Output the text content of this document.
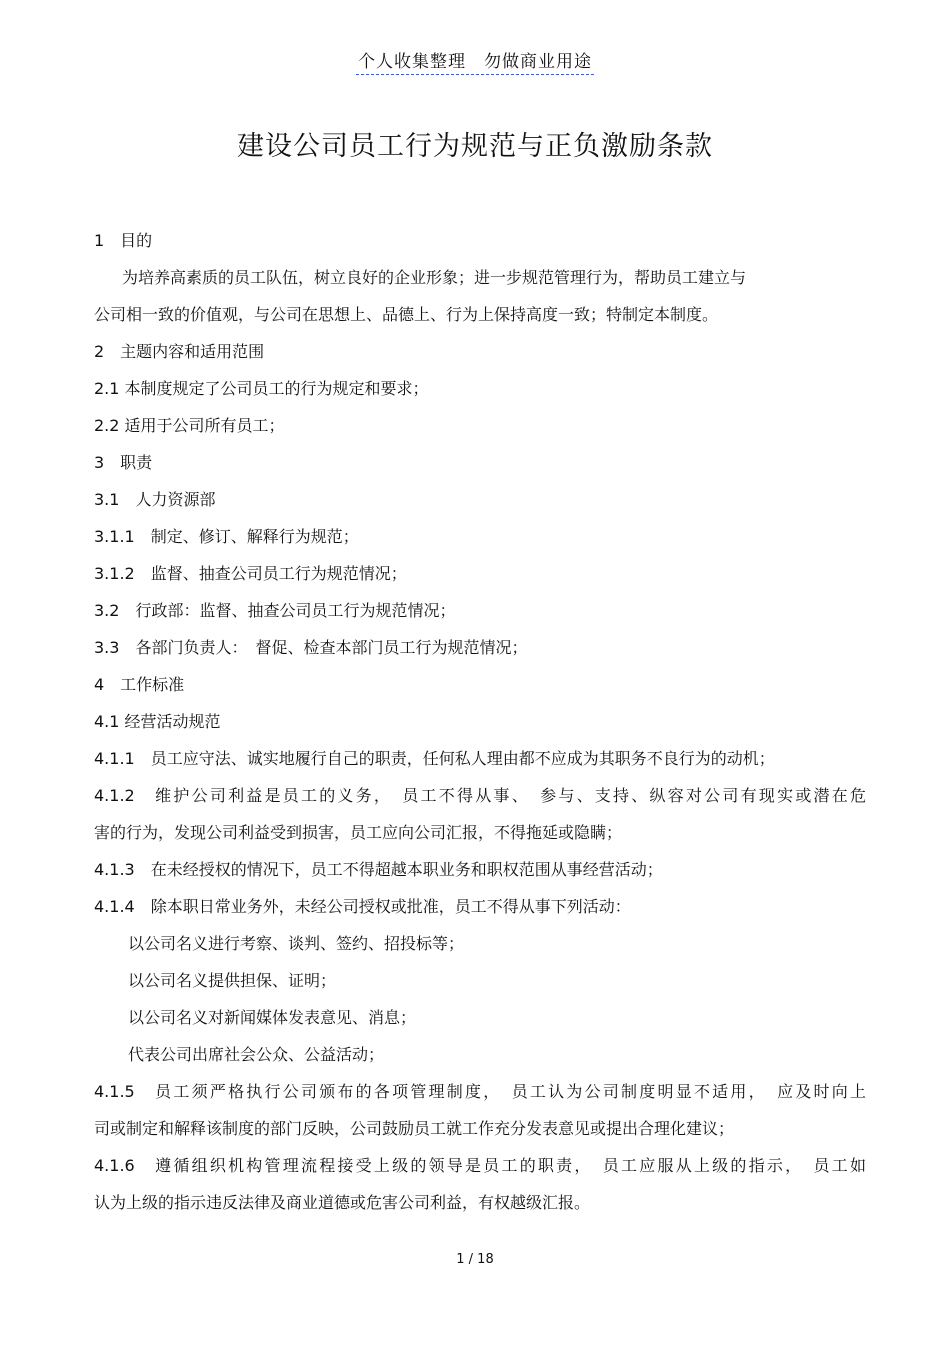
个人收集整理　勿做商业用途
建设公司员工行为规范与正负激励条款

1　目的

为培养高素质的员工队伍，树立良好的企业形象；进一步规范管理行为，帮助员工建立与

公司相一致的价值观，与公司在思想上、品德上、行为上保持高度一致；特制定本制度。

2　主题内容和适用范围

2.1 本制度规定了公司员工的行为规定和要求；

2.2 适用于公司所有员工；

3　职责

3.1　人力资源部

3.1.1　制定、修订、解释行为规范；

3.1.2　监督、抽查公司员工行为规范情况；

3.2　行政部：监督、抽查公司员工行为规范情况；

3.3　各部门负责人：　督促、检查本部门员工行为规范情况；

4　工作标准

4.1 经营活动规范

4.1.1　员工应守法、诚实地履行自己的职责，任何私人理由都不应成为其职务不良行为的动机；

4.1.2　维护公司利益是员工的义务，　员工不得从事、　参与、支持、纵容对公司有现实或潜在危

害的行为，发现公司利益受到损害，员工应向公司汇报，不得拖延或隐瞒；

4.1.3　在未经授权的情况下，员工不得超越本职业务和职权范围从事经营活动；

4.1.4　除本职日常业务外，未经公司授权或批准，员工不得从事下列活动：

以公司名义进行考察、谈判、签约、招投标等；

以公司名义提供担保、证明；

以公司名义对新闻媒体发表意见、消息；

代表公司出席社会公众、公益活动；

4.1.5　员工须严格执行公司颁布的各项管理制度，　员工认为公司制度明显不适用，　应及时向上

司或制定和解释该制度的部门反映，公司鼓励员工就工作充分发表意见或提出合理化建议；

4.1.6　遵循组织机构管理流程接受上级的领导是员工的职责，　员工应服从上级的指示，　员工如

认为上级的指示违反法律及商业道德或危害公司利益，有权越级汇报。

1 / 18
